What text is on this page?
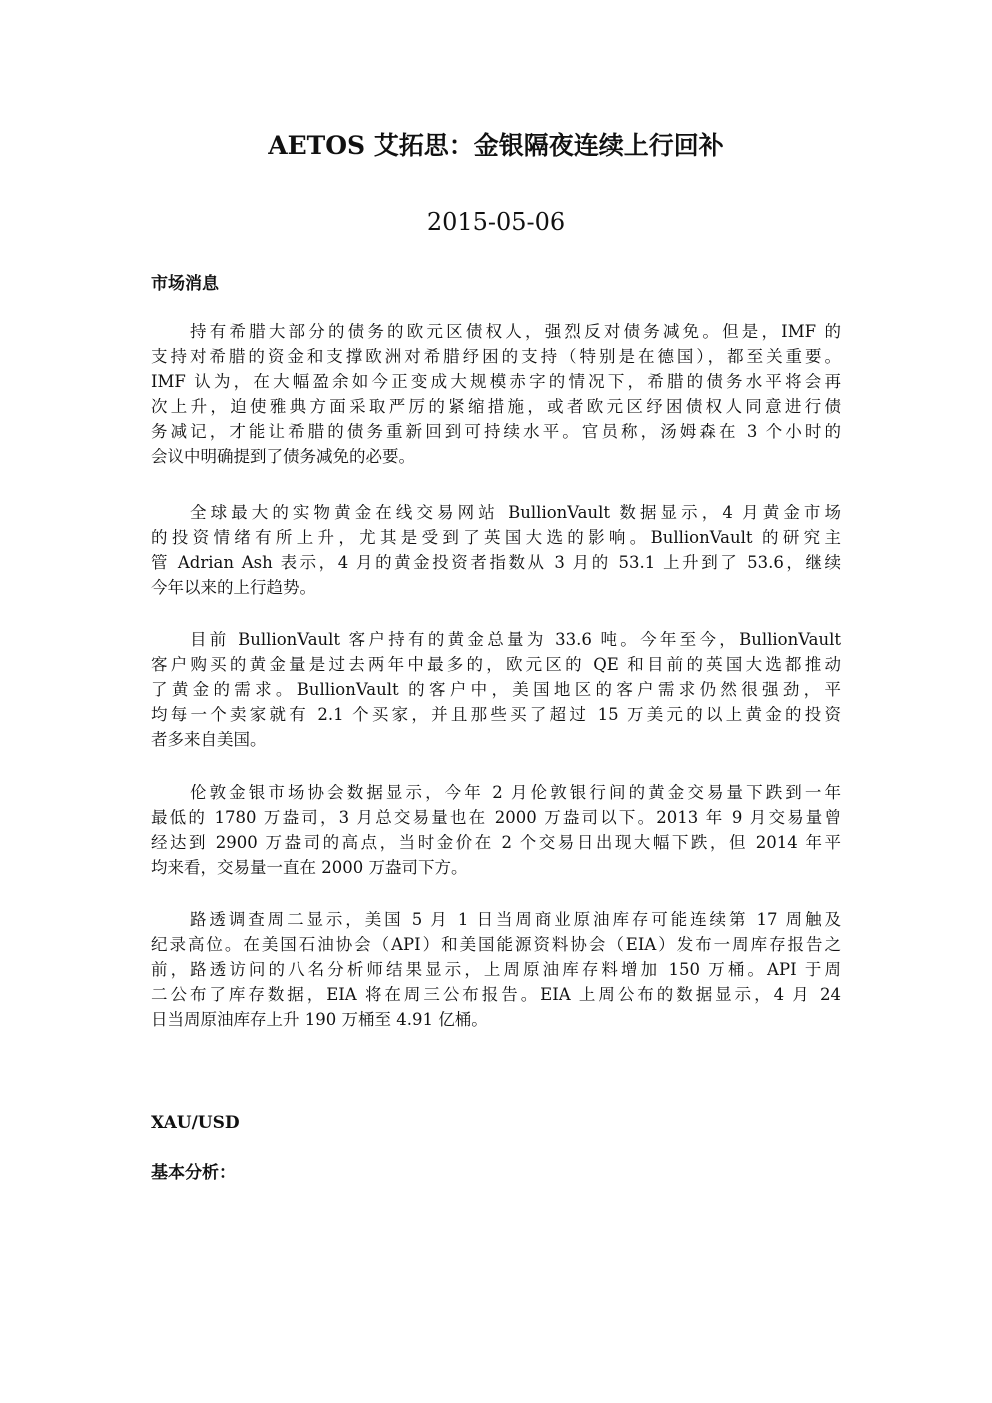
AETOS 艾拓思：金银隔夜连续上行回补
2015-05-06
市场消息
持有希腊大部分的债务的欧元区债权人，强烈反对债务减免。但是，IMF 的
支持对希腊的资金和支撑欧洲对希腊纾困的支持（特别是在德国），都至关重要。
IMF 认为，在大幅盈余如今正变成大规模赤字的情况下，希腊的债务水平将会再
次上升，迫使雅典方面采取严厉的紧缩措施，或者欧元区纾困债权人同意进行债
务减记，才能让希腊的债务重新回到可持续水平。官员称，汤姆森在 3 个小时的
会议中明确提到了债务减免的必要。
全球最大的实物黄金在线交易网站 BullionVault 数据显示，4 月黄金市场
的投资情绪有所上升，尤其是受到了英国大选的影响。BullionVault 的研究主
管 Adrian Ash 表示，4 月的黄金投资者指数从 3 月的 53.1 上升到了 53.6，继续
今年以来的上行趋势。
目前 BullionVault 客户持有的黄金总量为 33.6 吨。今年至今，BullionVault
客户购买的黄金量是过去两年中最多的，欧元区的 QE 和目前的英国大选都推动
了黄金的需求。BullionVault 的客户中，美国地区的客户需求仍然很强劲，平
均每一个卖家就有 2.1 个买家，并且那些买了超过 15 万美元的以上黄金的投资
者多来自美国。
伦敦金银市场协会数据显示，今年 2 月伦敦银行间的黄金交易量下跌到一年
最低的 1780 万盎司，3 月总交易量也在 2000 万盎司以下。2013 年 9 月交易量曾
经达到 2900 万盎司的高点，当时金价在 2 个交易日出现大幅下跌，但 2014 年平
均来看，交易量一直在 2000 万盎司下方。
路透调查周二显示，美国 5 月 1 日当周商业原油库存可能连续第 17 周触及
纪录高位。在美国石油协会（API）和美国能源资料协会（EIA）发布一周库存报告之
前，路透访问的八名分析师结果显示，上周原油库存料增加 150 万桶。API 于周
二公布了库存数据，EIA 将在周三公布报告。EIA 上周公布的数据显示，4 月 24
日当周原油库存上升 190 万桶至 4.91 亿桶。
XAU/USD
基本分析：
